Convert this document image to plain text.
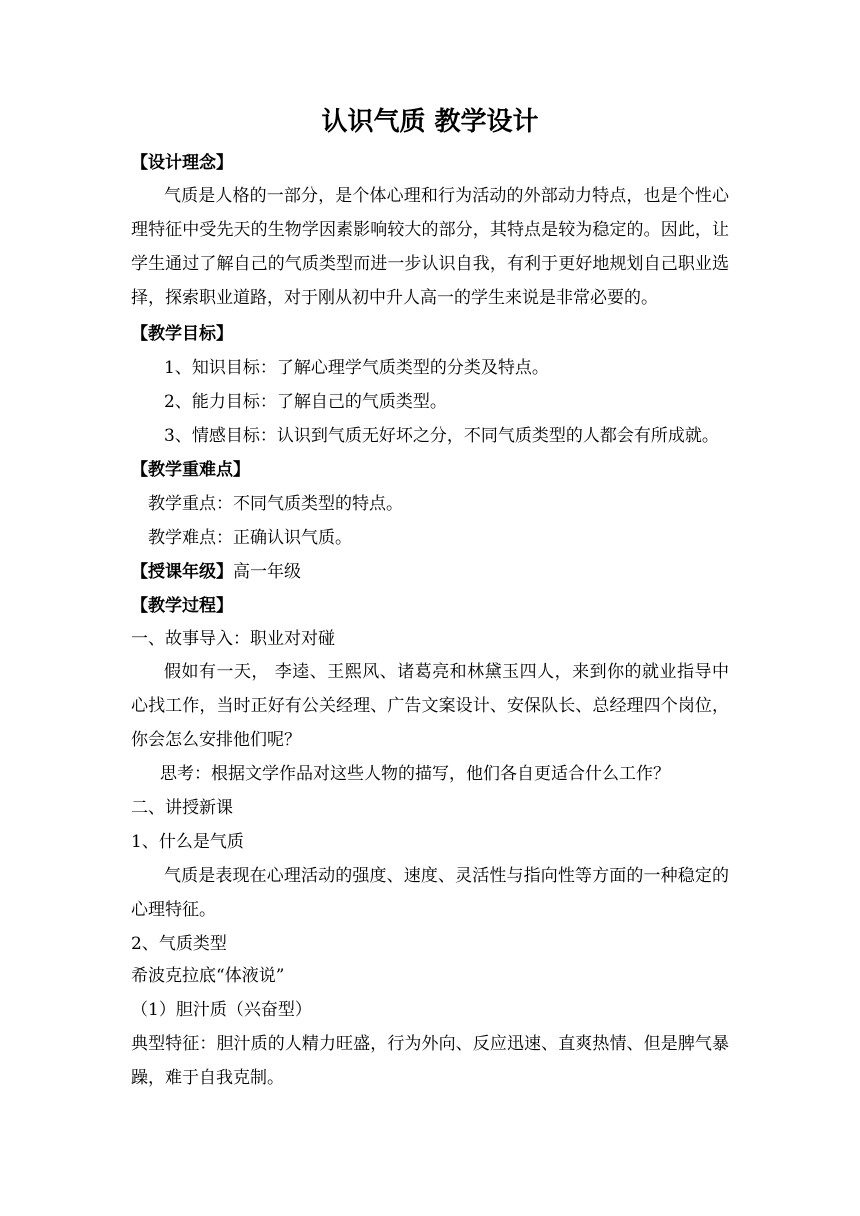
认识气质 教学设计
【设计理念】
气质是人格的一部分，是个体心理和行为活动的外部动力特点，也是个性心
理特征中受先天的生物学因素影响较大的部分，其特点是较为稳定的。因此，让
学生通过了解自己的气质类型而进一步认识自我，有利于更好地规划自己职业选
择，探索职业道路，对于刚从初中升人高一的学生来说是非常必要的。
【教学目标】
1、知识目标：了解心理学气质类型的分类及特点。
2、能力目标：了解自己的气质类型。
3、情感目标：认识到气质无好坏之分，不同气质类型的人都会有所成就。
【教学重难点】
教学重点：不同气质类型的特点。
教学难点：正确认识气质。
【授课年级】高一年级
【教学过程】
一、故事导入：职业对对碰
假如有一天， 李逵、王熙风、诸葛亮和林黛玉四人，来到你的就业指导中
心找工作，当时正好有公关经理、广告文案设计、安保队长、总经理四个岗位，
你会怎么安排他们呢？
思考：根据文学作品对这些人物的描写，他们各自更适合什么工作？
二、讲授新课
1、什么是气质
气质是表现在心理活动的强度、速度、灵活性与指向性等方面的一种稳定的
心理特征。
2、气质类型
希波克拉底“体液说”
（1）胆汁质（兴奋型）
典型特征：胆汁质的人精力旺盛，行为外向、反应迅速、直爽热情、但是脾气暴
躁，难于自我克制。
